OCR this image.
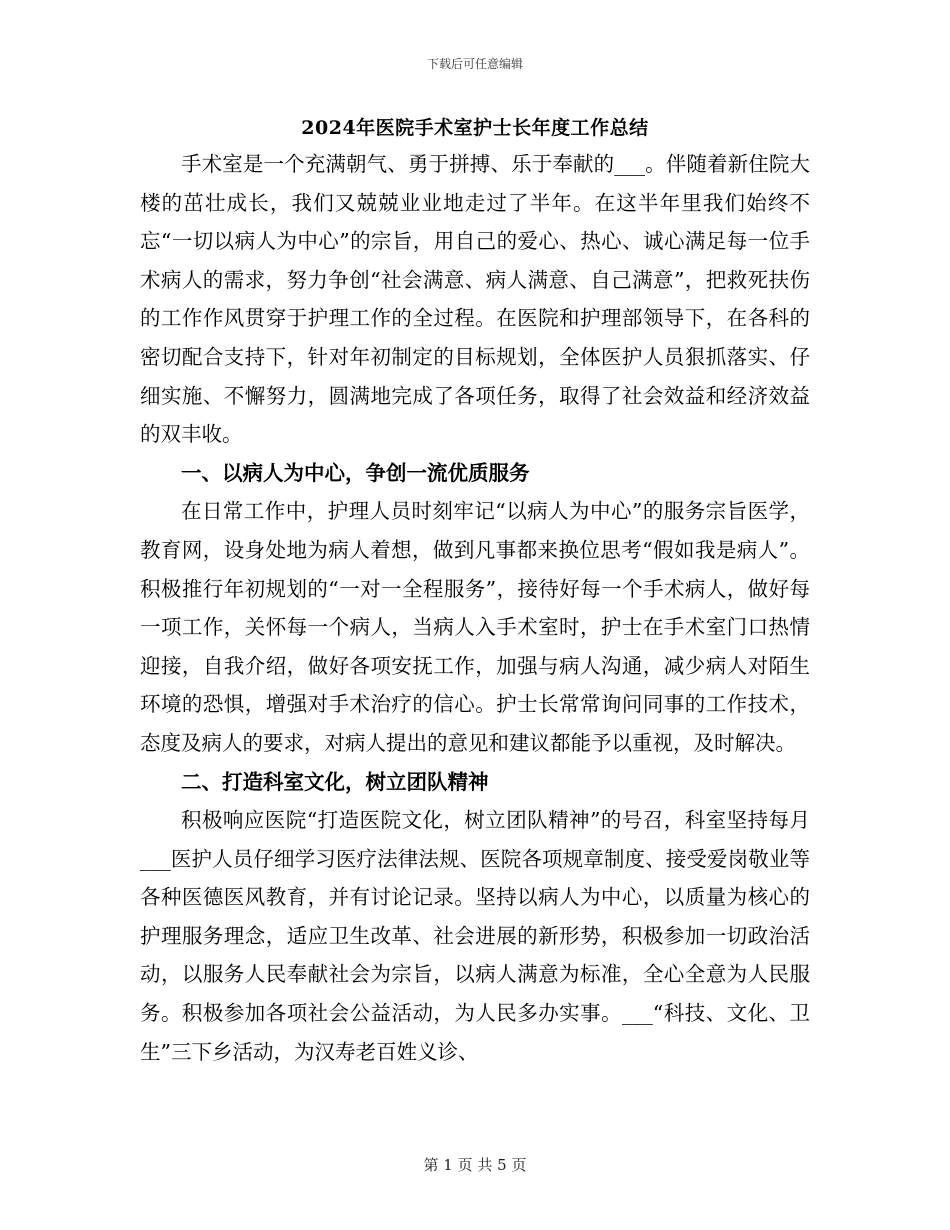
下载后可任意编辑
2024年医院手术室护士长年度工作总结

手术室是一个充满朝气、勇于拼搏、乐于奉献的___。伴随着新住院大楼的茁壮成长，我们又兢兢业业地走过了半年。在这半年里我们始终不忘“一切以病人为中心”的宗旨，用自己的爱心、热心、诚心满足每一位手术病人的需求，努力争创“社会满意、病人满意、自己满意”，把救死扶伤的工作作风贯穿于护理工作的全过程。在医院和护理部领导下，在各科的密切配合支持下，针对年初制定的目标规划，全体医护人员狠抓落实、仔细实施、不懈努力，圆满地完成了各项任务，取得了社会效益和经济效益的双丰收。

一、以病人为中心，争创一流优质服务

在日常工作中，护理人员时刻牢记“以病人为中心”的服务宗旨医学，教育网，设身处地为病人着想，做到凡事都来换位思考“假如我是病人”。积极推行年初规划的“一对一全程服务”，接待好每一个手术病人，做好每一项工作，关怀每一个病人，当病人入手术室时，护士在手术室门口热情迎接，自我介绍，做好各项安抚工作，加强与病人沟通，减少病人对陌生环境的恐惧，增强对手术治疗的信心。护士长常常询问同事的工作技术，态度及病人的要求，对病人提出的意见和建议都能予以重视，及时解决。

二、打造科室文化，树立团队精神

积极响应医院“打造医院文化，树立团队精神”的号召，科室坚持每月___医护人员仔细学习医疗法律法规、医院各项规章制度、接受爱岗敬业等各种医德医风教育，并有讨论记录。坚持以病人为中心，以质量为核心的护理服务理念，适应卫生改革、社会进展的新形势，积极参加一切政治活动，以服务人民奉献社会为宗旨，以病人满意为标准，全心全意为人民服务。积极参加各项社会公益活动，为人民多办实事。___“科技、文化、卫生”三下乡活动，为汉寿老百姓义诊、

第 1 页 共 5 页
